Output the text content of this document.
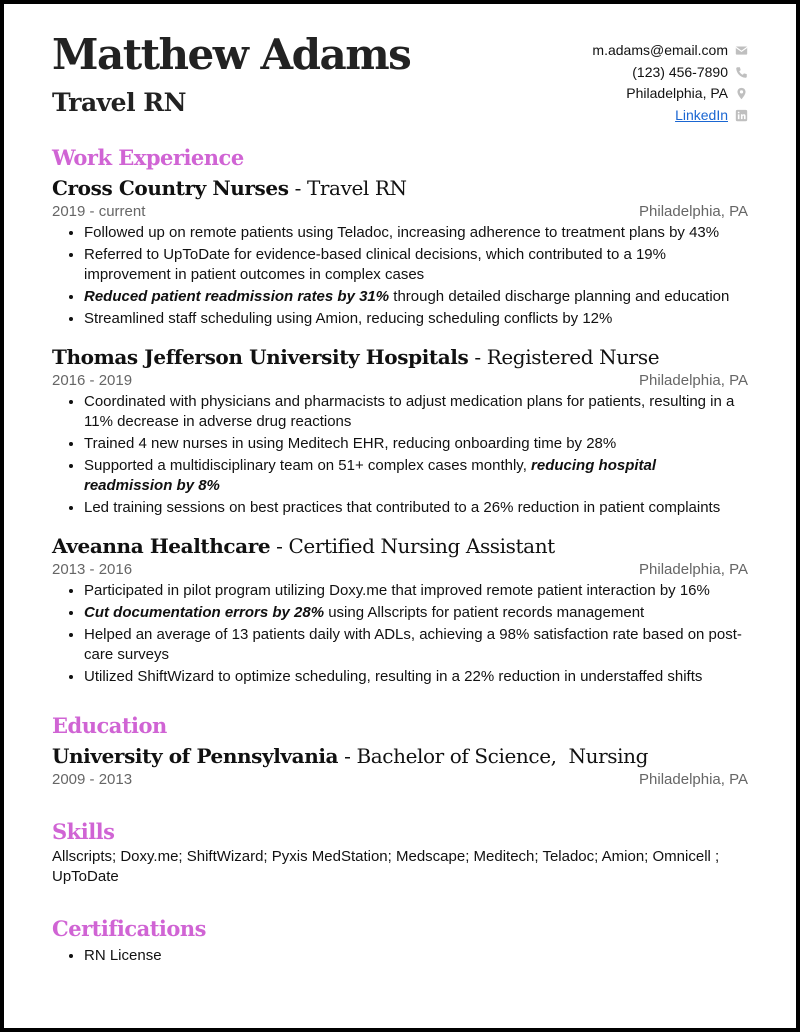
Matthew Adams
Travel RN
m.adams@email.com
(123) 456-7890
Philadelphia, PA
LinkedIn
Work Experience
Cross Country Nurses - Travel RN
2019 - current	Philadelphia, PA
• Followed up on remote patients using Teladoc, increasing adherence to treatment plans by 43%
• Referred to UpToDate for evidence-based clinical decisions, which contributed to a 19% improvement in patient outcomes in complex cases
• Reduced patient readmission rates by 31% through detailed discharge planning and education
• Streamlined staff scheduling using Amion, reducing scheduling conflicts by 12%
Thomas Jefferson University Hospitals - Registered Nurse
2016 - 2019	Philadelphia, PA
• Coordinated with physicians and pharmacists to adjust medication plans for patients, resulting in a 11% decrease in adverse drug reactions
• Trained 4 new nurses in using Meditech EHR, reducing onboarding time by 28%
• Supported a multidisciplinary team on 51+ complex cases monthly, reducing hospital readmission by 8%
• Led training sessions on best practices that contributed to a 26% reduction in patient complaints
Aveanna Healthcare - Certified Nursing Assistant
2013 - 2016	Philadelphia, PA
• Participated in pilot program utilizing Doxy.me that improved remote patient interaction by 16%
• Cut documentation errors by 28% using Allscripts for patient records management
• Helped an average of 13 patients daily with ADLs, achieving a 98% satisfaction rate based on post-care surveys
• Utilized ShiftWizard to optimize scheduling, resulting in a 22% reduction in understaffed shifts
Education
University of Pennsylvania - Bachelor of Science,  Nursing
2009 - 2013	Philadelphia, PA
Skills
Allscripts; Doxy.me; ShiftWizard; Pyxis MedStation; Medscape; Meditech; Teladoc; Amion; Omnicell ; UpToDate
Certifications
• RN License
